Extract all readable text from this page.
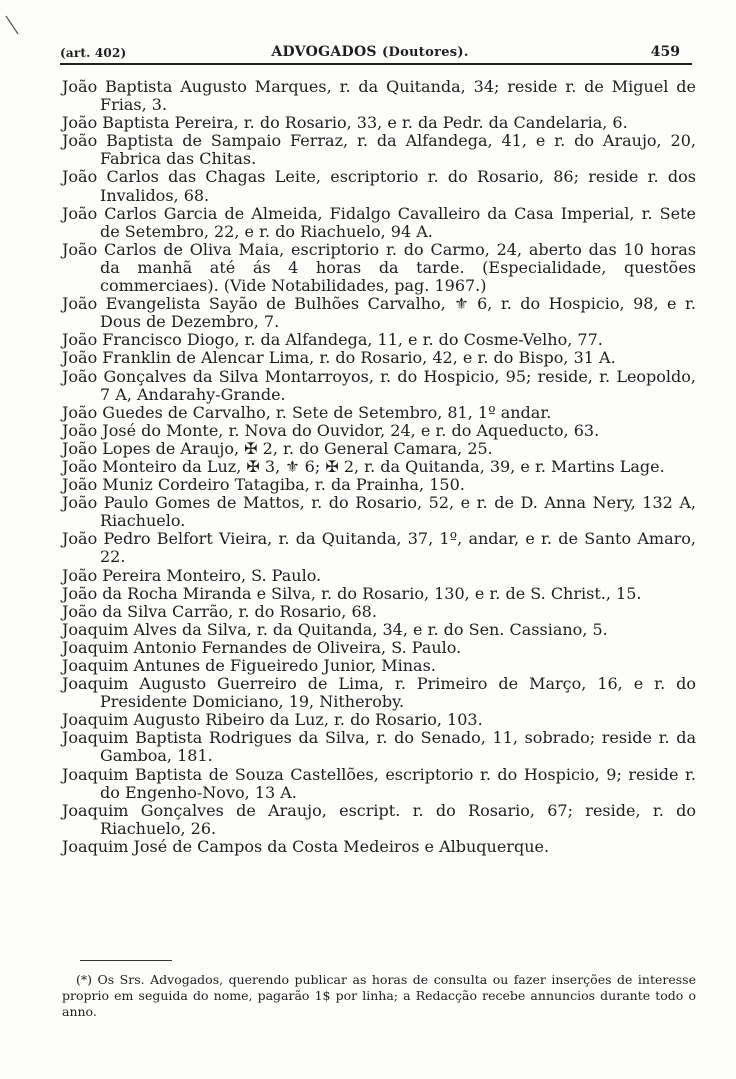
(art. 402)	ADVOGADOS (Doutores).	459
João Baptista Augusto Marques, r. da Quitanda, 34; reside r. de Miguel de Frias, 3.
João Baptista Pereira, r. do Rosario, 33, e r. da Pedr. da Candelaria, 6.
João Baptista de Sampaio Ferraz, r. da Alfandega, 41, e r. do Araujo, 20, Fabrica das Chitas.
João Carlos das Chagas Leite, escriptorio r. do Rosario, 86; reside r. dos Invalidos, 68.
João Carlos Garcia de Almeida, Fidalgo Cavalleiro da Casa Imperial, r. Sete de Setembro, 22, e r. do Riachuelo, 94 A.
João Carlos de Oliva Maia, escriptorio r. do Carmo, 24, aberto das 10 horas da manhã até ás 4 horas da tarde. (Especialidade, questões commerciaes). (Vide Notabilidades, pag. 1967.)
João Evangelista Sayão de Bulhões Carvalho, ⚜ 6, r. do Hospicio, 98, e r. Dous de Dezembro, 7.
João Francisco Diogo, r. da Alfandega, 11, e r. do Cosme-Velho, 77.
João Franklin de Alencar Lima, r. do Rosario, 42, e r. do Bispo, 31 A.
João Gonçalves da Silva Montarroyos, r. do Hospicio, 95; reside, r. Leopoldo, 7 A, Andarahy-Grande.
João Guedes de Carvalho, r. Sete de Setembro, 81, 1º andar.
João José do Monte, r. Nova do Ouvidor, 24, e r. do Aqueducto, 63.
João Lopes de Araujo, ✠ 2, r. do General Camara, 25.
João Monteiro da Luz, ✠ 3, ⚜ 6; ✠ 2, r. da Quitanda, 39, e r. Martins Lage.
João Muniz Cordeiro Tatagiba, r. da Prainha, 150.
João Paulo Gomes de Mattos, r. do Rosario, 52, e r. de D. Anna Nery, 132 A, Riachuelo.
João Pedro Belfort Vieira, r. da Quitanda, 37, 1º, andar, e r. de Santo Amaro, 22.
João Pereira Monteiro, S. Paulo.
João da Rocha Miranda e Silva, r. do Rosario, 130, e r. de S. Christ., 15.
João da Silva Carrão, r. do Rosario, 68.
Joaquim Alves da Silva, r. da Quitanda, 34, e r. do Sen. Cassiano, 5.
Joaquim Antonio Fernandes de Oliveira, S. Paulo.
Joaquim Antunes de Figueiredo Junior, Minas.
Joaquim Augusto Guerreiro de Lima, r. Primeiro de Março, 16, e r. do Presidente Domiciano, 19, Nitheroby.
Joaquim Augusto Ribeiro da Luz, r. do Rosario, 103.
Joaquim Baptista Rodrigues da Silva, r. do Senado, 11, sobrado; reside r. da Gamboa, 181.
Joaquim Baptista de Souza Castellões, escriptorio r. do Hospicio, 9; reside r. do Engenho-Novo, 13 A.
Joaquim Gonçalves de Araujo, escript. r. do Rosario, 67; reside, r. do Riachuelo, 26.
Joaquim José de Campos da Costa Medeiros e Albuquerque.

(*) Os Srs. Advogados, querendo publicar as horas de consulta ou fazer inserções de interesse proprio em seguida do nome, pagarão 1$ por linha; a Redacção recebe annuncios durante todo o anno.
